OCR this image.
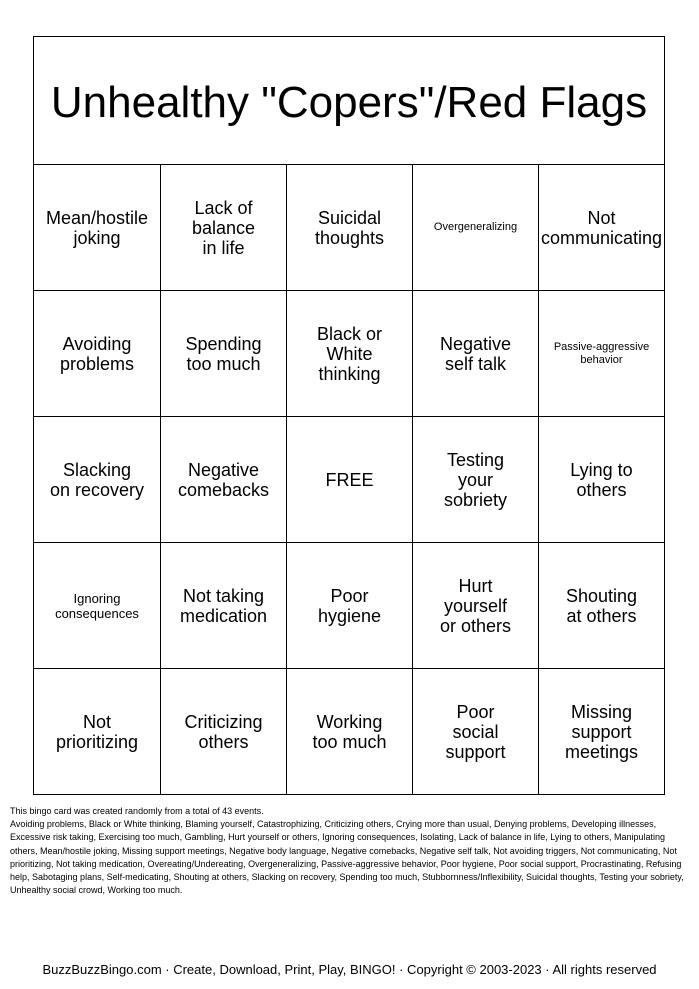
Unhealthy "Copers"/Red Flags
Mean/hostile
joking
Lack of
balance
in life
Suicidal
thoughts
Overgeneralizing	Not
communicating
Avoiding
problems
Spending
too much
Black or
White
thinking
Negative
self talk
Passive-aggressive
behavior
Slacking
on recovery
Negative
comebacks	FREE
Testing
your
sobriety
Lying to
others
Ignoring
consequences
Not taking
medication
Poor
hygiene
Hurt
yourself
or others
Shouting
at others
Not
prioritizing
Criticizing
others
Working
too much
Poor
social
support
Missing
support
meetings

This bingo card was created randomly from a total of 43 events.

Avoiding problems, Black or White thinking, Blaming yourself, Catastrophizing, Criticizing others, Crying more than usual, Denying problems, Developing illnesses, Excessive risk taking, Exercising too much, Gambling, Hurt yourself or others, Ignoring consequences, Isolating, Lack of balance in life, Lying to others, Manipulating others, Mean/hostile joking, Missing support meetings, Negative body language, Negative comebacks, Negative self talk, Not avoiding triggers, Not communicating, Not prioritizing, Not taking medication, Overeating/Undereating, Overgeneralizing, Passive-aggressive behavior, Poor hygiene, Poor social support, Procrastinating, Refusing help, Sabotaging plans, Self-medicating, Shouting at others, Slacking on recovery, Spending too much, Stubbornness/Inflexibility, Suicidal thoughts, Testing your sobriety, Unhealthy social crowd, Working too much.

BuzzBuzzBingo.com · Create, Download, Print, Play, BINGO! · Copyright © 2003-2023 · All rights reserved
